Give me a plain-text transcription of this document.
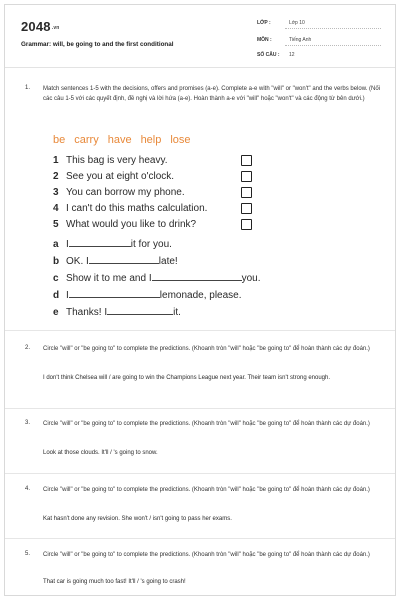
2048.vn
Grammar: will, be going to and the first conditional
LỚP :	Lớp 10
MÔN :	Tiếng Anh
SỐ CÂU : 12
1. Match sentences 1-5 with the decisions, offers and promises (a-e). Complete a-e with "will" or "won't" and the verbs below. (Nối các câu 1-5 với các quyết định, đề nghị và lời hứa (a-e). Hoàn thành a-e với "will" hoặc "won't" và các động từ bên dưới.)
be carry have help lose
1 This bag is very heavy.
2 See you at eight o'clock.
3 You can borrow my phone.
4 I can't do this maths calculation.
5 What would you like to drink?
a I	it for you.
b OK. I	late!
c Show it to me and I	you.
d I	lemonade, please.
e Thanks! I	it.
2. Circle "will" or "be going to" to complete the predictions. (Khoanh tròn "will" hoặc "be going to" để hoàn thành các dự đoán.)
I don't think Chelsea will / are going to win the Champions League next year. Their team isn't strong enough.
3. Circle "will" or "be going to" to complete the predictions. (Khoanh tròn "will" hoặc "be going to" để hoàn thành các dự đoán.)
Look at those clouds. It'll / 's going to snow.
4. Circle "will" or "be going to" to complete the predictions. (Khoanh tròn "will" hoặc "be going to" để hoàn thành các dự đoán.)
Kat hasn't done any revision. She won't / isn't going to pass her exams.
5. Circle "will" or "be going to" to complete the predictions. (Khoanh tròn "will" hoặc "be going to" để hoàn thành các dự đoán.)
That car is going much too fast! It'll / 's going to crash!
